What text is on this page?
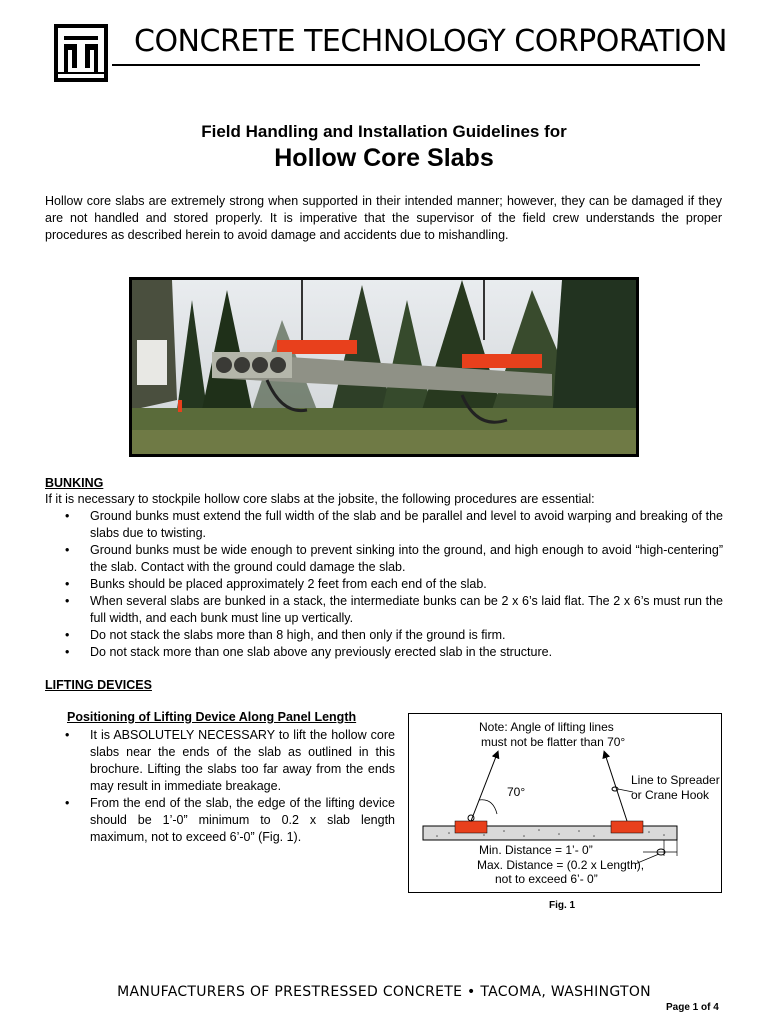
CONCRETE TECHNOLOGY CORPORATION
Field Handling and Installation Guidelines for
Hollow Core Slabs
Hollow core slabs are extremely strong when supported in their intended manner; however, they can be damaged if they are not handled and stored properly. It is imperative that the supervisor of the field crew understands the proper procedures as described herein to avoid damage and accidents due to mishandling.
BUNKING
If it is necessary to stockpile hollow core slabs at the jobsite, the following procedures are essential:
• Ground bunks must extend the full width of the slab and be parallel and level to avoid warping and breaking of the slabs due to twisting.
• Ground bunks must be wide enough to prevent sinking into the ground, and high enough to avoid “high-centering” the slab. Contact with the ground could damage the slab.
• Bunks should be placed approximately 2 feet from each end of the slab.
• When several slabs are bunked in a stack, the intermediate bunks can be 2 x 6’s laid flat. The 2 x 6’s must run the full width, and each bunk must line up vertically.
• Do not stack the slabs more than 8 high, and then only if the ground is firm.
• Do not stack more than one slab above any previously erected slab in the structure.
LIFTING DEVICES
Positioning of Lifting Device Along Panel Length
• It is ABSOLUTELY NECESSARY to lift the hollow core slabs near the ends of the slab as outlined in this brochure. Lifting the slabs too far away from the ends may result in immediate breakage.
• From the end of the slab, the edge of the lifting device should be 1’-0” minimum to 0.2 x slab length maximum, not to exceed 6’-0” (Fig. 1).
Note: Angle of lifting lines
must not be flatter than 70°
70°
Line to Spreader
or Crane Hook
Min. Distance = 1’- 0”
Max. Distance = (0.2 x Length),
not to exceed 6’- 0”
Fig. 1
MANUFACTURERS OF PRESTRESSED CONCRETE • TACOMA, WASHINGTON
Page 1 of 4
